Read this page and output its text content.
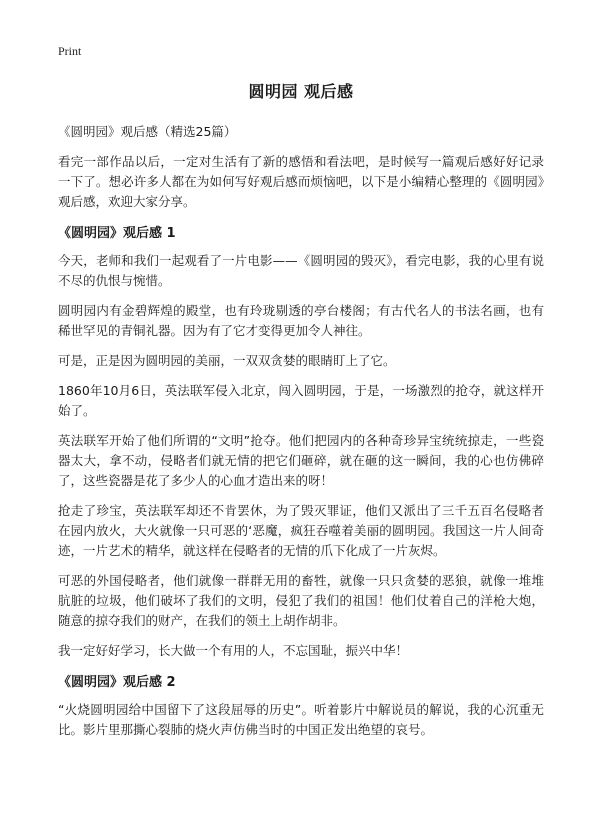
Print
圆明园 观后感
《圆明园》观后感（精选25篇）

看完一部作品以后，一定对生活有了新的感悟和看法吧，是时候写一篇观后感好好记录一下了。想必许多人都在为如何写好观后感而烦恼吧，以下是小编精心整理的《圆明园》观后感，欢迎大家分享。

《圆明园》观后感 1

今天，老师和我们一起观看了一片电影——《圆明园的毁灭》，看完电影，我的心里有说不尽的仇恨与惋惜。

圆明园内有金碧辉煌的殿堂，也有玲珑剔透的亭台楼阁；有古代名人的书法名画，也有稀世罕见的青铜礼器。因为有了它才变得更加令人神往。

可是，正是因为圆明园的美丽，一双双贪婪的眼睛盯上了它。

1860年10月6日，英法联军侵入北京，闯入圆明园，于是，一场激烈的抢夺，就这样开始了。

英法联军开始了他们所谓的“文明”抢夺。他们把园内的各种奇珍异宝统统掠走，一些瓷器太大，拿不动，侵略者们就无情的把它们砸碎，就在砸的这一瞬间，我的心也仿佛碎了，这些瓷器是花了多少人的心血才造出来的呀！

抢走了珍宝，英法联军却还不肯罢休，为了毁灭罪证，他们又派出了三千五百名侵略者在园内放火，大火就像一只可恶的‘恶魔，疯狂吞噬着美丽的圆明园。我国这一片人间奇迹，一片艺术的精华，就这样在侵略者的无情的爪下化成了一片灰烬。

可恶的外国侵略者，他们就像一群群无用的畜牲，就像一只只贪婪的恶狼，就像一堆堆肮脏的垃圾，他们破坏了我们的文明，侵犯了我们的祖国！他们仗着自己的洋枪大炮，随意的掠夺我们的财产，在我们的领土上胡作胡非。

我一定好好学习，长大做一个有用的人，不忘国耻，振兴中华！

《圆明园》观后感 2

“火烧圆明园给中国留下了这段屈辱的历史”。听着影片中解说员的解说，我的心沉重无比。影片里那撕心裂肺的烧火声仿佛当时的中国正发出绝望的哀号。
